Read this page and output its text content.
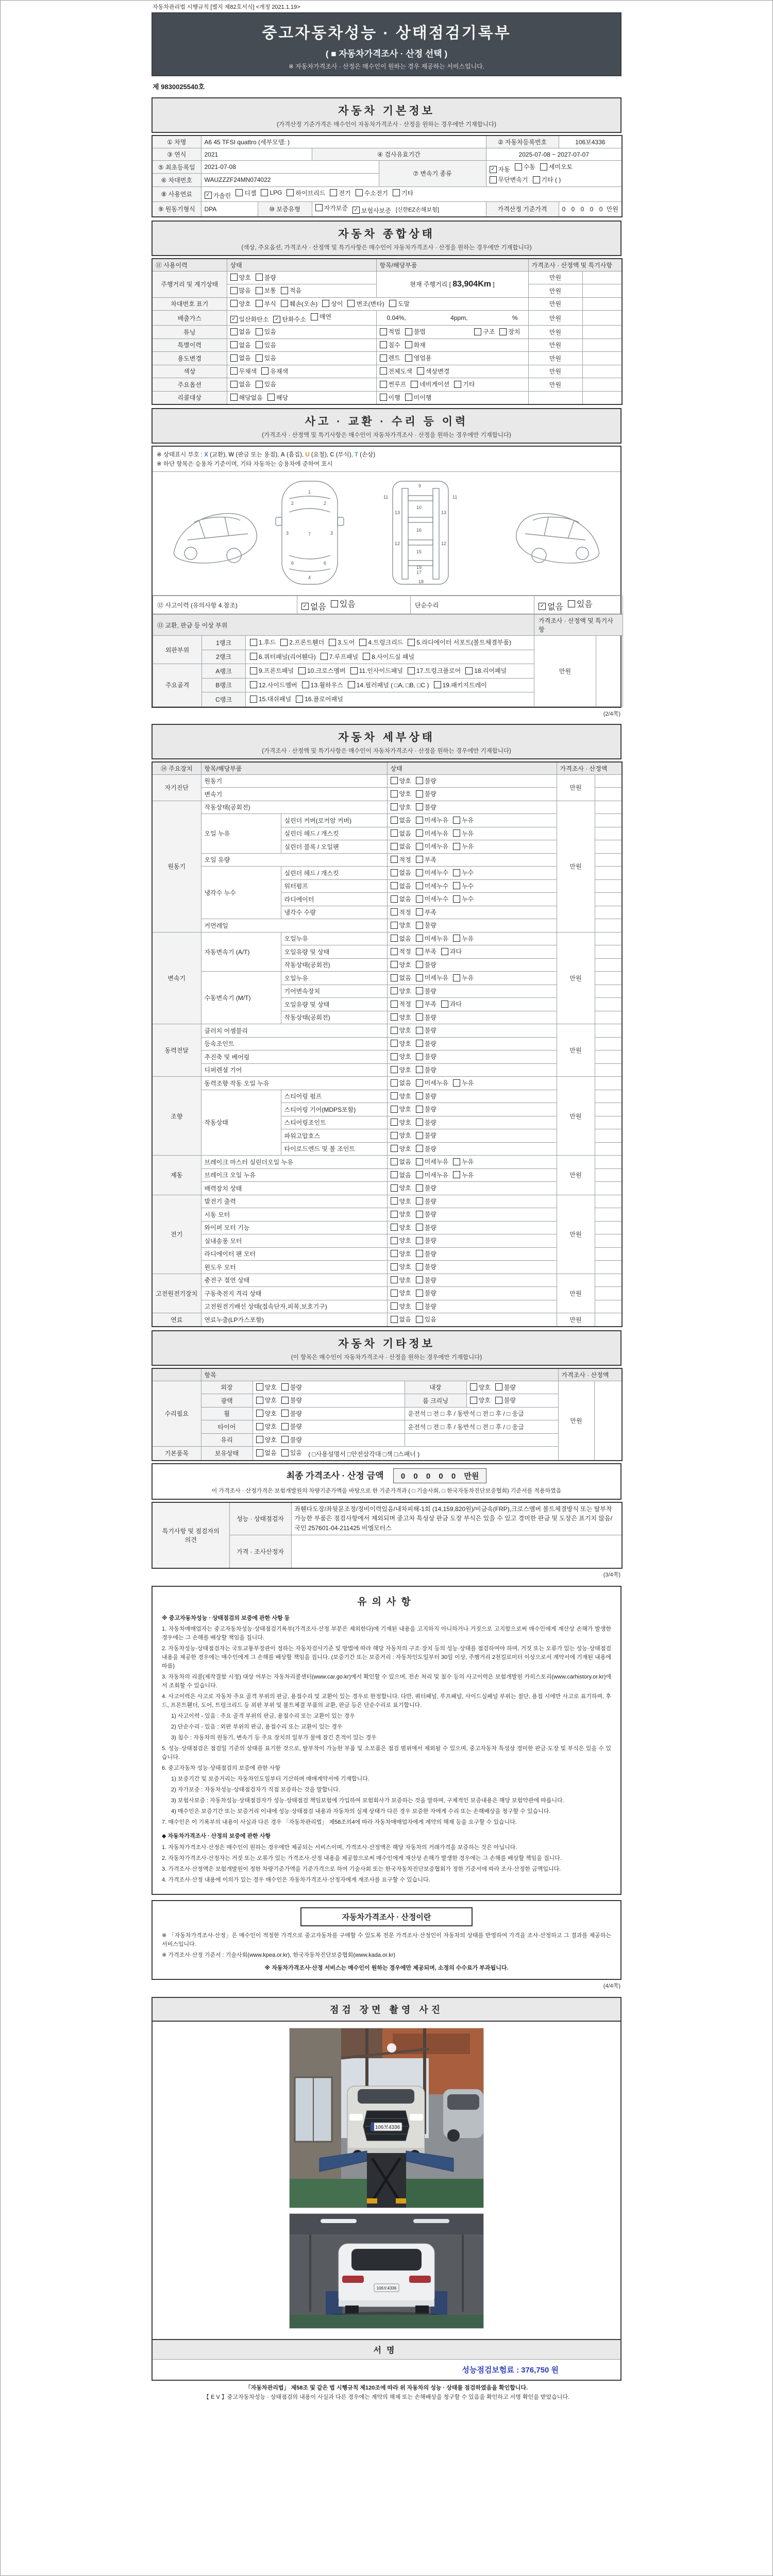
자동차관리법 시행규칙 [별지 제82호서식] <개정 2021.1.19>
중고자동차성능 · 상태점검기록부
( ■ 자동차가격조사 · 산정 선택 )
※ 자동차가격조사 · 산정은 매수인이 원하는 경우 제공하는 서비스입니다.
제 9830025540호
자동차 기본정보
(가격산정 기준가격은 매수인이 자동차가격조사 · 산정을 원하는 경우에만 기재합니다)
① 차명	A6 45 TFSI quattro (세부모델: )				② 자동차등록번호	106보4336
③ 연식	2021		④ 검사유효기간		2025-07-08 ~ 2027-07-07	
⑤ 최초등록일	2021-07-08	⑦ 변속기 종류	
✓ 자동 수동 세미오토
무단변속기 기타 ( )

⑥ 차대번호	WAUZZZF24MN074022					
⑧ 사용연료	✓ 가솔린 디젤 LPG 하이브리드 전기 수소전기 기타

⑨ 원동기형식	DPA	⑩ 보증유형	자가보증 ✓ 보험사보증 [신한EZ손해보험]		가격산정 기준가격	0 0 0 0 0 만원
자동차 종합상태
(색상, 주요옵션, 가격조사 · 산정액 및 특기사항은 매수인이 자동차가격조사 · 산정을 원하는 경우에만 기재합니다)
⑪ 사용이력	상태	항목/해당부품	가격조사 · 산정액 및 특기사항	
주행거리 및 계기상태	양호 불량	현재 주행거리 [ 83,904Km ]	만원	

	많음 보통 적음		만원	
차대번호 표기	양호 부식 훼손(오손) 상이 변조(변타) 도말	만원	
배출가스	✓ 일산화탄소 ✓ 탄화수소 매연	0.04%, 4ppm, %	만원	
튜닝	없음 있음	적법 불법 구조 장치	만원	
특별이력	없음 있음	침수 화재	만원	
용도변경	없음 있음	렌트 영업용	만원	
색상	무채색 유채색	전체도색 색상변경	만원	
주요옵션	없음 있음	썬루프 네비게이션 기타	만원	
리콜대상	해당없음 해당	이행 미이행		

사고 · 교환 · 수리 등 이력
(가격조사 · 산정액 및 특기사항은 매수인이 자동차가격조사 · 산정을 원하는 경우에만 기재합니다)
※ 상태표시 부호 : X (교환), W (판금 또는 용접), A (흠집), U (요철), C (부식), T (손상)
※ 하단 항목은 승용차 기준이며, 기타 자동차는 승용차에 준하여 표시
1
2	2
3	3
7
6	6
4
9
10
16
15
17
18
13	13
12	12
11	11
19
⑫ 사고이력 (유의사항 4.참조)	✓ 없음 있음	단순수리	✓ 없음 있음
⑬ 교환, 판금 등 이상 부위			가격조사 · 산정액 및 특기사항	
외판부위	1랭크	1.후드 2.프론트휀더 3.도어 4.트렁크리드 5.라디에이터 서포트(볼트체결부품)	만원	
	2랭크	6.쿼터패널(리어휀다) 7.루프패널 8.사이드실 패널		

주요골격	A랭크	9.프론트패널 10.크로스멤버 11.인사이드패널 17.트렁크플로어 18.리어패널		

	B랭크	12.사이드멤버 13.휠하우스 14.필러패널 ( □A, □B, □C ) 19.패키지트레이		

	C랭크	15.대쉬패널 16.플로어패널		
(2/4쪽)
자동차 세부상태
(가격조사 · 산정액 및 특기사항은 매수인이 자동차가격조사 · 산정을 원하는 경우에만 기재합니다)
⑭ 주요장치	항목/해당부품		상태	가격조사 · 산정액	
자기진단	원동기		양호 불량	만원	
	변속기		양호 불량		

원동기	작동상태(공회전)		양호 불량	만원	
	오일 누유	실린더 커버(로커암 커버)	없음 미세누유 누유		

		실린더 헤드 / 개스킷	없음 미세누유 누유		

		실린더 블록 / 오일팬	없음 미세누유 누유		

	오일 유량		적정 부족		

	냉각수 누수	실린더 헤드 / 개스킷	없음 미세누수 누수		

		워터펌프	없음 미세누수 누수		

		라디에이터	없음 미세누수 누수		

		냉각수 수량	적정 부족		

	커먼레일		양호 불량		

변속기	자동변속기 (A/T)	오일누유	없음 미세누유 누유	만원	
		오일유량 및 상태	적정 부족 과다		

		작동상태(공회전)	양호 불량		

	수동변속기 (M/T)	오일누유	없음 미세누유 누유		

		기어변속장치	양호 불량		

		오일유량 및 상태	적정 부족 과다		

		작동상태(공회전)	양호 불량		

동력전달	클러치 어셈블리		양호 불량	만원	
	등속조인트		양호 불량		

	추진축 및 베어링		양호 불량		

	디퍼렌셜 기어		양호 불량		

조향	동력조향 작동 오일 누유		없음 미세누유 누유	만원	
	작동상태	스티어링 펌프	양호 불량		

		스티어링 기어(MDPS포함)	양호 불량		

		스티어링조인트	양호 불량		

		파워고압호스	양호 불량		

		타이로드엔드 및 볼 조인트	양호 불량		

제동	브레이크 마스터 실린더오일 누유		없음 미세누유 누유	만원	
	브레이크 오일 누유		없음 미세누유 누유		

	배력장치 상태		양호 불량		

전기	발전기 출력		양호 불량	만원	
	시동 모터		양호 불량		

	와이퍼 모터 기능		양호 불량		

	실내송풍 모터		양호 불량		

	라디에이터 팬 모터		양호 불량		

	윈도우 모터		양호 불량		

고전원전기장치	충전구 절연 상태		양호 불량	만원	
	구동축전지 격리 상태		양호 불량		

	고전원전기배선 상태(접속단자,피복,보호기구)		양호 불량		

연료	연료누출(LP가스포함)		없음 있음	만원	
자동차 기타정보
(이 항목은 매수인이 자동차가격조사 · 산정을 원하는 경우에만 기재합니다)
	항목				가격조사 · 산정액	
수리필요	외장	양호 불량	내장	양호 불량	만원	
	광택	양호 불량	룸 크리닝	양호 불량		

	휠	양호 불량	운전석 □ 전 □ 후 / 동반석 □ 전 □ 후 / □ 응급			
	타이어	양호 불량	운전석 □ 전 □ 후 / 동반석 □ 전 □ 후 / □ 응급			
	유리	양호 불량				

기본품목	보유상태	없음 있음 ( □사용설명서 □안전삼각대 □잭 □스패너 )				
최종 가격조사 · 산정 금액 0 0 0 0 0 만원
이 가격조사 · 산정가격은 보험개발원의 차량기준가액을 바탕으로 한 기준가격과 ( □ 기술사회, □ 한국자동차진단보증협회) 기준서를 적용하였음
특기사항 및 점검자의 의견	성능 · 상태점검자	좌휀다도장/좌뒷문조정/정비이력있음/내차피해-1회 (14,159,820원)/비금속(FRP),크로스멤버 볼트체결방식 또는 탈부착 가능한 부품은 점검사항에서 제외되며 중고차 특성상 판금 도장 부식은 있을 수 있고 경미한 판금 및 도장은 표기치 않음/국민 257601-04-211425 비엠모터스
	가격 · 조사산정자	
(3/4쪽)
유의사항

※ 중고자동차성능 · 상태점검의 보증에 관한 사항 등

1. 자동차매매업자는 중고자동차성능·상태점검기록부(가격조사·산정 부분은 제외한다)에 기재된 내용을 고지하지 아니하거나 거짓으로 고지함으로써 매수인에게 재산상 손해가 발생한 경우에는 그 손해를 배상할 책임을 집니다.

2. 자동차성능·상태점검자는 국토교통부장관이 정하는 자동차검사기준 및 방법에 따라 해당 자동차의 구조·장치 등의 성능·상태를 점검하여야 하며, 거짓 또는 오류가 있는 성능·상태점검 내용을 제공한 경우에는 매수인에게 그 손해를 배상할 책임을 집니다. (보증기간 또는 보증거리 : 자동차인도일부터 30일 이상, 주행거리 2천킬로미터 이상으로서 계약서에 기재된 내용에 따름)

3. 자동차의 리콜(제작결함 시정) 대상 여부는 자동차리콜센터(www.car.go.kr)에서 확인할 수 있으며, 전손 처리 및 침수 등의 사고이력은 보험개발원 카히스토리(www.carhistory.or.kr)에서 조회할 수 있습니다.

4. 사고이력은 사고로 자동차 주요 골격 부위의 판금, 용접수리 및 교환이 있는 경우로 한정합니다. 다만, 쿼터패널, 루프패널, 사이드실패널 부위는 절단, 용접 시에만 사고로 표기하며, 후드, 프론트휀더, 도어, 트렁크리드 등 외판 부위 및 볼트체결 부품의 교환, 판금 등은 단순수리로 표기합니다.

1) 사고이력 - 있음 : 주요 골격 부위의 판금, 용접수리 또는 교환이 있는 경우

2) 단순수리 - 있음 : 외판 부위의 판금, 용접수리 또는 교환이 있는 경우

3) 침수 : 자동차의 원동기, 변속기 등 주요 장치의 일부가 물에 잠긴 흔적이 있는 경우

5. 성능·상태점검은 점검일 기준의 상태를 표기한 것으로, 탈부착이 가능한 부품 및 소모품은 점검 범위에서 제외될 수 있으며, 중고자동차 특성상 경미한 판금·도장 및 부식은 있을 수 있습니다.

6. 중고자동차 성능·상태점검의 보증에 관한 사항

1) 보증기간 및 보증거리는 자동차인도일부터 기산하며 매매계약서에 기재합니다.

2) 자가보증 : 자동차성능·상태점검자가 직접 보증하는 것을 말합니다.

3) 보험사보증 : 자동차성능·상태점검자가 성능·상태점검 책임보험에 가입하여 보험회사가 보증하는 것을 말하며, 구체적인 보증내용은 해당 보험약관에 따릅니다.

4) 매수인은 보증기간 또는 보증거리 이내에 성능·상태점검 내용과 자동차의 실제 상태가 다른 경우 보증한 자에게 수리 또는 손해배상을 청구할 수 있습니다.

7. 매수인은 이 기록부의 내용이 사실과 다른 경우 「자동차관리법」 제58조의4에 따라 자동차매매업자에게 계약의 해제 등을 요구할 수 있습니다.

◆ 자동차가격조사 · 산정의 보증에 관한 사항

1. 자동차가격조사·산정은 매수인이 원하는 경우에만 제공되는 서비스이며, 가격조사·산정액은 해당 자동차의 거래가격을 보증하는 것은 아닙니다.

2. 자동차가격조사·산정자는 거짓 또는 오류가 있는 가격조사·산정 내용을 제공함으로써 매수인에게 재산상 손해가 발생한 경우에는 그 손해를 배상할 책임을 집니다.

3. 가격조사·산정액은 보험개발원이 정한 차량기준가액을 기준가격으로 하여 기술사회 또는 한국자동차진단보증협회가 정한 기준서에 따라 조사·산정한 금액입니다.

4. 가격조사·산정 내용에 이의가 있는 경우 매수인은 자동차가격조사·산정자에게 재조사를 요구할 수 있습니다.

자동차가격조사 · 산정이란

※ 「자동차가격조사·산정」은 매수인이 적정한 가격으로 중고자동차를 구매할 수 있도록 전문 가격조사·산정인이 자동차의 상태를 반영하여 가격을 조사·산정하고 그 결과를 제공하는 서비스입니다.

※ 가격조사·산정 기준서 : 기술사회(www.kpea.or.kr), 한국자동차진단보증협회(www.kada.or.kr)

※ 자동차가격조사·산정 서비스는 매수인이 원하는 경우에만 제공되며, 소정의 수수료가 부과됩니다.
(4/4쪽)
점검 장면 촬영 사진
106보4336
106보4336
서명
성능점검보험료 : 376,750 원
「자동차관리법」 제58조 및 같은 법 시행규칙 제120조에 따라 위 자동차의 성능 · 상태를 점검하였음을 확인합니다.
【 E V 】중고자동차성능 · 상태점검의 내용이 사실과 다른 경우에는 계약의 해제 또는 손해배상을 청구할 수 있음을 확인하고 서명 확인을 받았습니다.
